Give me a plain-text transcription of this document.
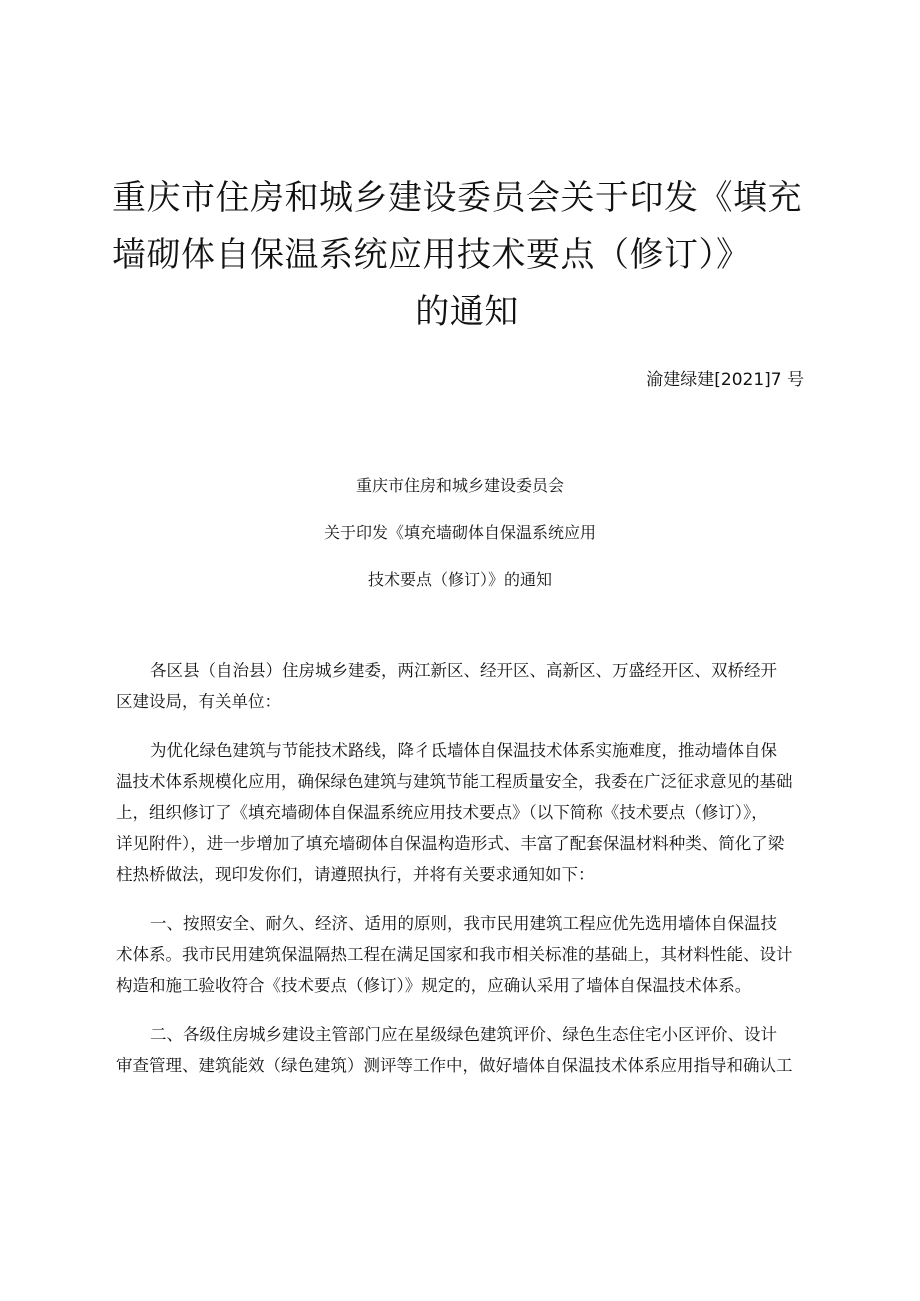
重庆市住房和城乡建设委员会关于印发《填充
墙砌体自保温系统应用技术要点（修订）》
的通知
渝建绿建[2021]7 号
重庆市住房和城乡建设委员会
关于印发《填充墙砌体自保温系统应用
技术要点（修订）》的通知

各区县（自治县）住房城乡建委，两江新区、经开区、高新区、万盛经开区、双桥经开
区建设局，有关单位：

为优化绿色建筑与节能技术路线，降彳氐墙体自保温技术体系实施难度，推动墙体自保
温技术体系规模化应用，确保绿色建筑与建筑节能工程质量安全，我委在广泛征求意见的基础
上，组织修订了《填充墙砌体自保温系统应用技术要点》（以下简称《技术要点（修订）》，
详见附件），进一步增加了填充墙砌体自保温构造形式、丰富了配套保温材料种类、简化了梁
柱热桥做法，现印发你们，请遵照执行，并将有关要求通知如下：

一、按照安全、耐久、经济、适用的原则，我市民用建筑工程应优先选用墙体自保温技
术体系。我市民用建筑保温隔热工程在满足国家和我市相关标准的基础上，其材料性能、设计
构造和施工验收符合《技术要点（修订）》规定的，应确认采用了墙体自保温技术体系。

二、各级住房城乡建设主管部门应在星级绿色建筑评价、绿色生态住宅小区评价、设计
审查管理、建筑能效（绿色建筑）测评等工作中，做好墙体自保温技术体系应用指导和确认工
